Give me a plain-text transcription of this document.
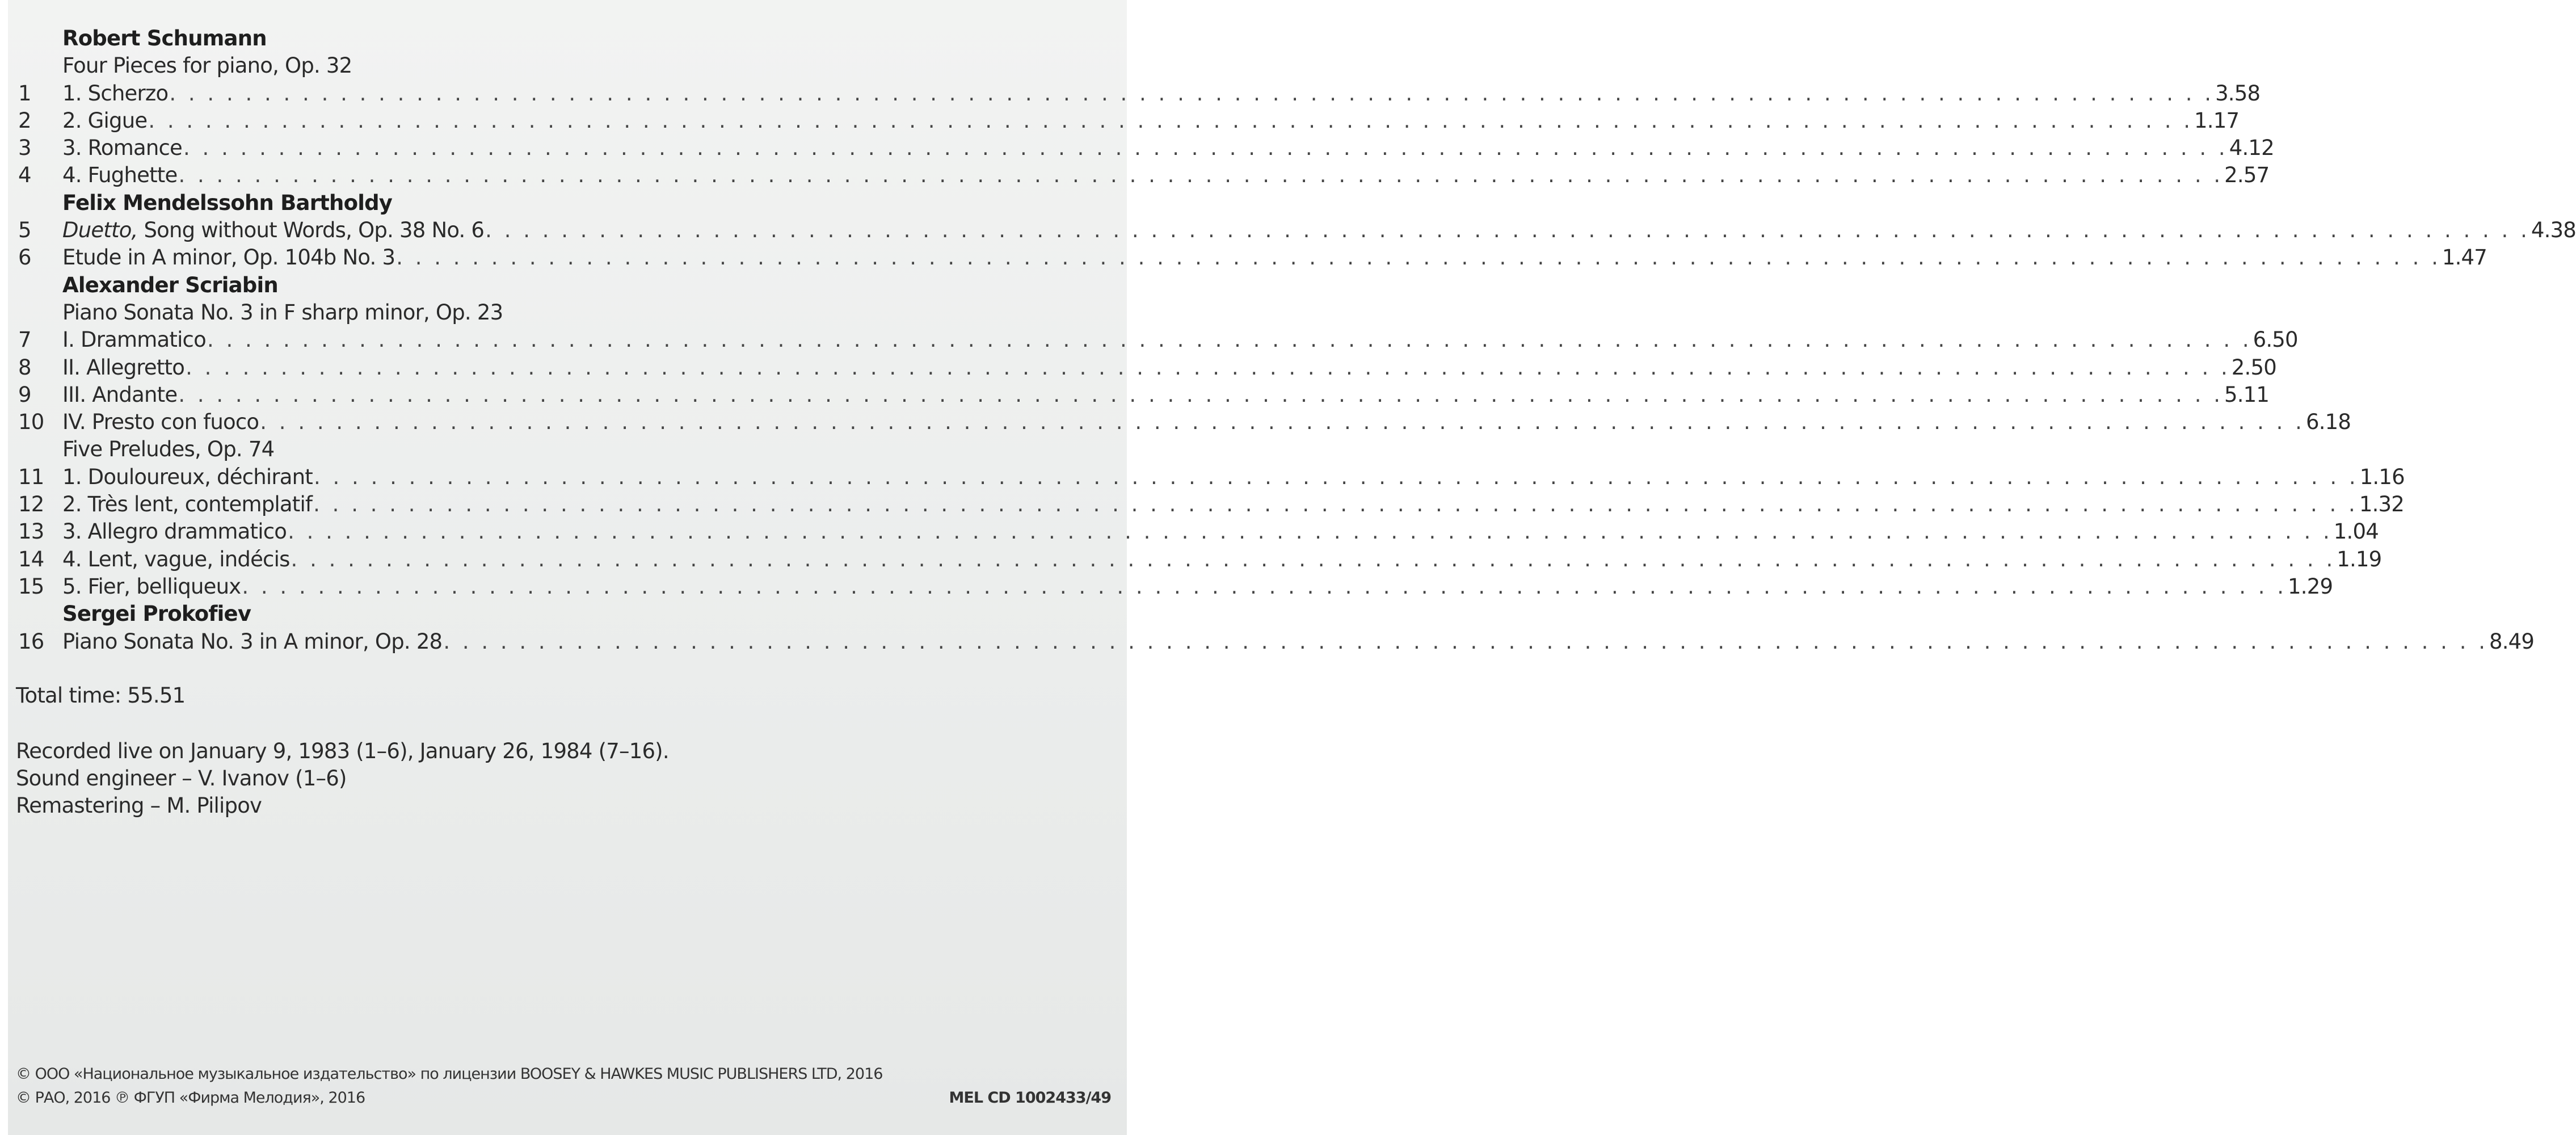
Robert Schumann
Four Pieces for piano, Op. 32
1 1. Scherzo . . . . . . . . . . . . . . . . . . . . . . . . . . . . . . . . . . . . . . . . . . . . . . . . . . . . . . . . . . . . . . . . . . . . . . . . . . . . . . . . . . . . . . . . . . . . . . . . . . . . . . . . . . . . 3.58
2 2. Gigue . . . . . . . . . . . . . . . . . . . . . . . . . . . . . . . . . . . . . . . . . . . . . . . . . . . . . . . . . . . . . . . . . . . . . . . . . . . . . . . . . . . . . . . . . . . . . . . . . . . . . . . . . . . . 1.17
3 3. Romance . . . . . . . . . . . . . . . . . . . . . . . . . . . . . . . . . . . . . . . . . . . . . . . . . . . . . . . . . . . . . . . . . . . . . . . . . . . . . . . . . . . . . . . . . . . . . . . . . . . . . . . . . . . . 4.12
4 4. Fughette . . . . . . . . . . . . . . . . . . . . . . . . . . . . . . . . . . . . . . . . . . . . . . . . . . . . . . . . . . . . . . . . . . . . . . . . . . . . . . . . . . . . . . . . . . . . . . . . . . . . . . . . . . . . 2.57
Felix Mendelssohn Bartholdy
5 Duetto, Song without Words, Op. 38 No. 6 . . . . . . . . . . . . . . . . . . . . . . . . . . . . . . . . . . . . . . . . . . . . . . . . . . . . . . . . . . . . . . . . . . . . . . . . . . . . . . . . . . . . . . . . . . . . . . . . . . . . . . . . . . . . 4.38
6 Etude in A minor, Op. 104b No. 3 . . . . . . . . . . . . . . . . . . . . . . . . . . . . . . . . . . . . . . . . . . . . . . . . . . . . . . . . . . . . . . . . . . . . . . . . . . . . . . . . . . . . . . . . . . . . . . . . . . . . . . . . . . . . 1.47
Alexander Scriabin
Piano Sonata No. 3 in F sharp minor, Op. 23
7 I. Drammatico . . . . . . . . . . . . . . . . . . . . . . . . . . . . . . . . . . . . . . . . . . . . . . . . . . . . . . . . . . . . . . . . . . . . . . . . . . . . . . . . . . . . . . . . . . . . . . . . . . . . . . . . . . . . 6.50
8 II. Allegretto . . . . . . . . . . . . . . . . . . . . . . . . . . . . . . . . . . . . . . . . . . . . . . . . . . . . . . . . . . . . . . . . . . . . . . . . . . . . . . . . . . . . . . . . . . . . . . . . . . . . . . . . . . . . 2.50
9 III. Andante . . . . . . . . . . . . . . . . . . . . . . . . . . . . . . . . . . . . . . . . . . . . . . . . . . . . . . . . . . . . . . . . . . . . . . . . . . . . . . . . . . . . . . . . . . . . . . . . . . . . . . . . . . . . 5.11
10 IV. Presto con fuoco . . . . . . . . . . . . . . . . . . . . . . . . . . . . . . . . . . . . . . . . . . . . . . . . . . . . . . . . . . . . . . . . . . . . . . . . . . . . . . . . . . . . . . . . . . . . . . . . . . . . . . . . . . . . 6.18
Five Preludes, Op. 74
11 1. Douloureux, déchirant . . . . . . . . . . . . . . . . . . . . . . . . . . . . . . . . . . . . . . . . . . . . . . . . . . . . . . . . . . . . . . . . . . . . . . . . . . . . . . . . . . . . . . . . . . . . . . . . . . . . . . . . . . . . 1.16
12 2. Très lent, contemplatif . . . . . . . . . . . . . . . . . . . . . . . . . . . . . . . . . . . . . . . . . . . . . . . . . . . . . . . . . . . . . . . . . . . . . . . . . . . . . . . . . . . . . . . . . . . . . . . . . . . . . . . . . . . . 1.32
13 3. Allegro drammatico . . . . . . . . . . . . . . . . . . . . . . . . . . . . . . . . . . . . . . . . . . . . . . . . . . . . . . . . . . . . . . . . . . . . . . . . . . . . . . . . . . . . . . . . . . . . . . . . . . . . . . . . . . . . 1.04
14 4. Lent, vague, indécis . . . . . . . . . . . . . . . . . . . . . . . . . . . . . . . . . . . . . . . . . . . . . . . . . . . . . . . . . . . . . . . . . . . . . . . . . . . . . . . . . . . . . . . . . . . . . . . . . . . . . . . . . . . . 1.19
15 5. Fier, belliqueux . . . . . . . . . . . . . . . . . . . . . . . . . . . . . . . . . . . . . . . . . . . . . . . . . . . . . . . . . . . . . . . . . . . . . . . . . . . . . . . . . . . . . . . . . . . . . . . . . . . . . . . . . . . . 1.29
Sergei Prokofiev
16 Piano Sonata No. 3 in A minor, Op. 28 . . . . . . . . . . . . . . . . . . . . . . . . . . . . . . . . . . . . . . . . . . . . . . . . . . . . . . . . . . . . . . . . . . . . . . . . . . . . . . . . . . . . . . . . . . . . . . . . . . . . . . . . . . . . 8.49
Total time: 55.51
Recorded live on January 9, 1983 (1–6), January 26, 1984 (7–16).
Sound engineer – V. Ivanov (1–6)
Remastering – M. Pilipov
© ООО «Национальное музыкальное издательство» по лицензии BOOSEY & HAWKES MUSIC PUBLISHERS LTD, 2016
© РАО, 2016 ℗ ФГУП «Фирма Мелодия», 2016	MEL CD 1002433/49
